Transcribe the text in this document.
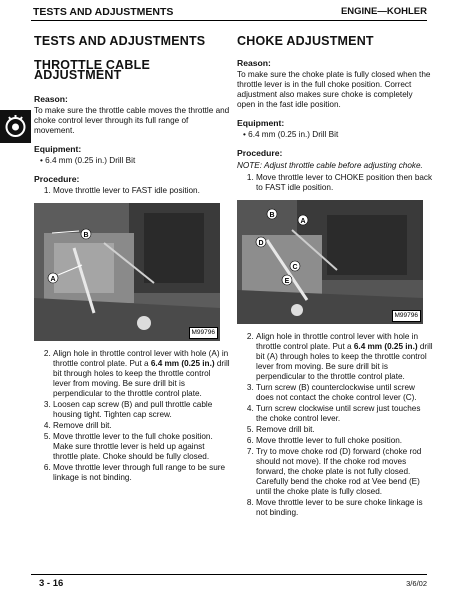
TESTS AND ADJUSTMENTS	ENGINE—KOHLER
TESTS AND ADJUSTMENTS
THROTTLE CABLE ADJUSTMENT
Reason:

To make sure the throttle cable moves the throttle and choke control lever through its full range of movement.

Equipment:

• 6.4 mm (0.25 in.) Drill Bit

Procedure:
1. Move throttle lever to FAST idle position.
B
A
M99796
2. Align hole in throttle control lever with hole (A) in throttle control plate. Put a 6.4 mm (0.25 in.) drill bit through holes to keep the throttle control lever from moving. Be sure drill bit is perpendicular to the throttle control plate.
3. Loosen cap screw (B) and pull throttle cable housing tight. Tighten cap screw.
4. Remove drill bit.
5. Move throttle lever to the full choke position. Make sure throttle lever is held up against throttle plate. Choke should be fully closed.
6. Move throttle lever through full range to be sure linkage is not binding.
CHOKE ADJUSTMENT
Reason:

To make sure the choke plate is fully closed when the throttle lever is in the full choke position. Correct adjustment also makes sure choke is completely open in the fast idle position.

Equipment:

• 6.4 mm (0.25 in.) Drill Bit

Procedure:

NOTE: Adjust throttle cable before adjusting choke.

1. Move throttle lever to CHOKE position then back to FAST idle position.
B
A
D
C
E
M99796
2. Align hole in throttle control lever with hole in throttle control plate. Put a 6.4 mm (0.25 in.) drill bit (A) through holes to keep the throttle control lever from moving. Be sure drill bit is perpendicular to the throttle control plate.
3. Turn screw (B) counterclockwise until screw does not contact the choke control lever (C).
4. Turn screw clockwise until screw just touches the choke control lever.
5. Remove drill bit.
6. Move throttle lever to full choke position.
7. Try to move choke rod (D) forward (choke rod should not move). If the choke rod moves forward, the choke plate is not fully closed. Carefully bend the choke rod at Vee bend (E) until the choke plate is fully closed.
8. Move throttle lever to be sure choke linkage is not binding.
3 - 16	3/6/02
